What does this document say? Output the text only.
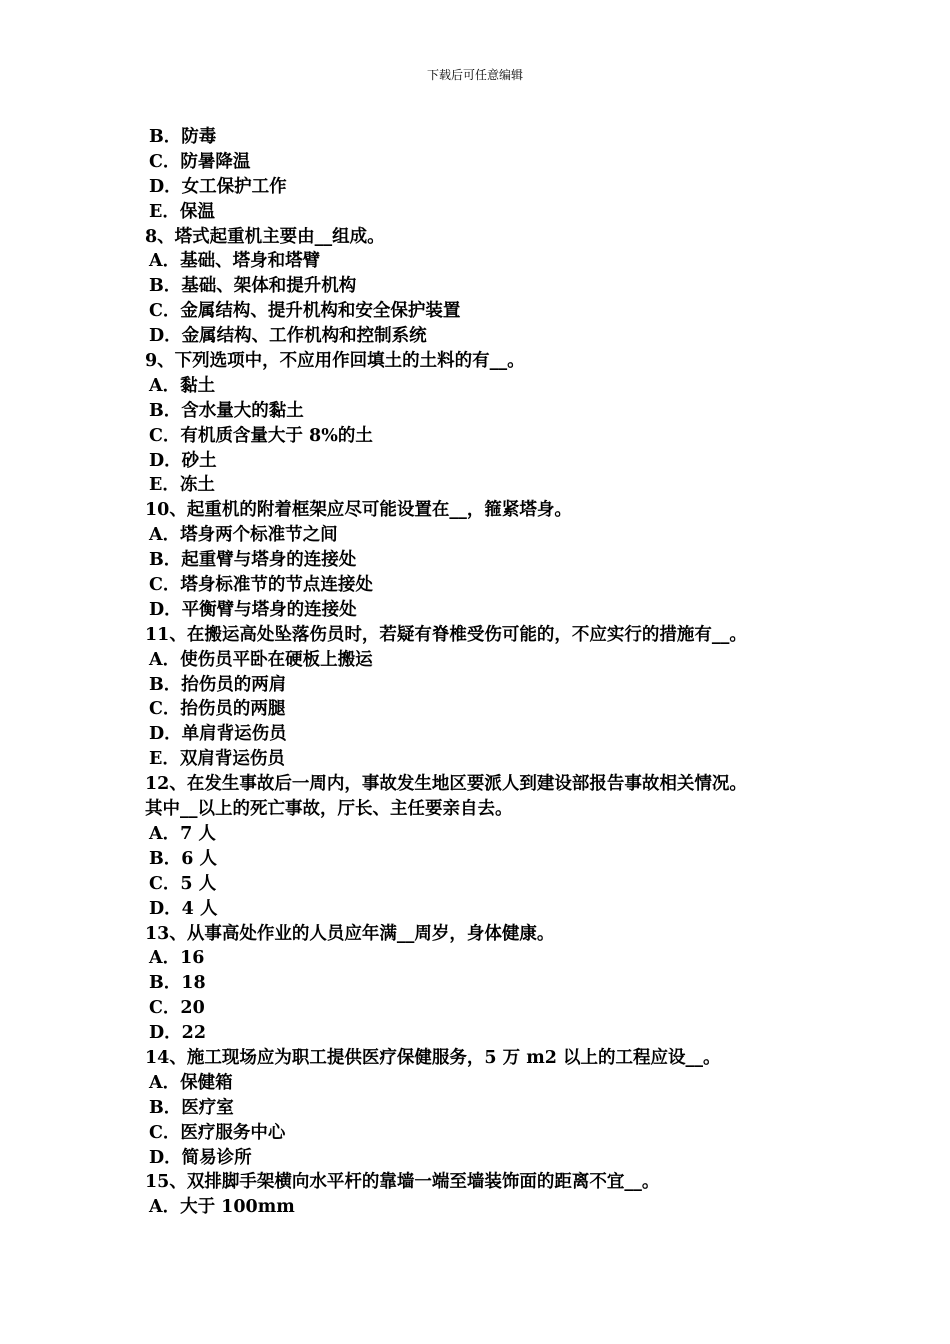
下载后可任意编辑
B．防毒
C．防暑降温
D．女工保护工作
E．保温
8、塔式起重机主要由__组成。
A．基础、塔身和塔臂
B．基础、架体和提升机构
C．金属结构、提升机构和安全保护装置
D．金属结构、工作机构和控制系统
9、下列选项中，不应用作回填土的土料的有__。
A．黏土
B．含水量大的黏土
C．有机质含量大于 8%的土
D．砂土
E．冻土
10、起重机的附着框架应尽可能设置在__，箍紧塔身。
A．塔身两个标准节之间
B．起重臂与塔身的连接处
C．塔身标准节的节点连接处
D．平衡臂与塔身的连接处
11、在搬运高处坠落伤员时，若疑有脊椎受伤可能的，不应实行的措施有__。
A．使伤员平卧在硬板上搬运
B．抬伤员的两肩
C．抬伤员的两腿
D．单肩背运伤员
E．双肩背运伤员
12、在发生事故后一周内，事故发生地区要派人到建设部报告事故相关情况。
其中__以上的死亡事故，厅长、主任要亲自去。
A．7 人
B．6 人
C．5 人
D．4 人
13、从事高处作业的人员应年满__周岁，身体健康。
A．16
B．18
C．20
D．22
14、施工现场应为职工提供医疗保健服务，5 万 m2 以上的工程应设__。
A．保健箱
B．医疗室
C．医疗服务中心
D．简易诊所
15、双排脚手架横向水平杆的靠墙一端至墙装饰面的距离不宜__。
A．大于 100mm
